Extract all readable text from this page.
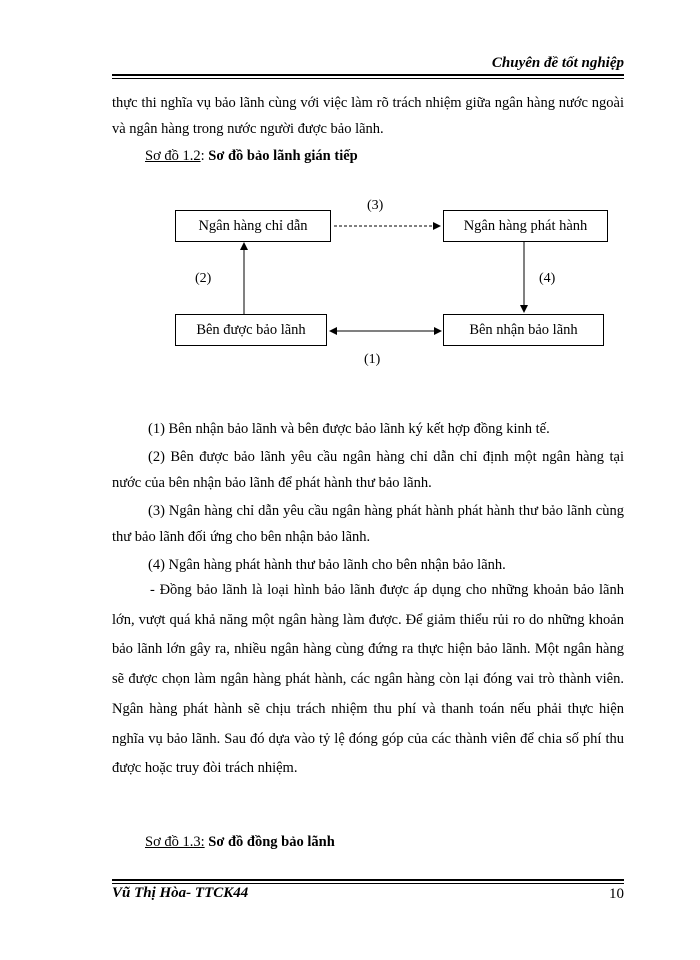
Chuyên đề tốt nghiệp
thực thi nghĩa vụ bảo lãnh cùng với việc làm rõ trách nhiệm giữa ngân hàng nước ngoài và ngân hàng trong nước người được bảo lãnh.
Sơ đồ 1.2: Sơ đồ bảo lãnh gián tiếp
Ngân hàng chỉ dẫn	Ngân hàng phát hành
Bên được bảo lãnh	Bên nhận bảo lãnh
(3)
(2)	(4)
(1)
(1) Bên nhận bảo lãnh và bên được bảo lãnh ký kết hợp đồng kinh tế.
(2) Bên được bảo lãnh yêu cầu ngân hàng chỉ dẫn chỉ định một ngân hàng tại nước của bên nhận bảo lãnh để phát hành thư bảo lãnh.
(3) Ngân hàng chỉ dẫn yêu cầu ngân hàng phát hành phát hành thư bảo lãnh cùng thư bảo lãnh đối ứng cho bên nhận bảo lãnh.
(4) Ngân hàng phát hành thư bảo lãnh cho bên nhận bảo lãnh.
- Đồng bảo lãnh là loại hình bảo lãnh được áp dụng cho những khoản bảo lãnh lớn, vượt quá khả năng một ngân hàng làm được. Để giảm thiểu rủi ro do những khoản bảo lãnh lớn gây ra, nhiều ngân hàng cùng đứng ra thực hiện bảo lãnh. Một ngân hàng sẽ được chọn làm ngân hàng phát hành, các ngân hàng còn lại đóng vai trò thành viên. Ngân hàng phát hành sẽ chịu trách nhiệm thu phí và thanh toán nếu phải thực hiện nghĩa vụ bảo lãnh. Sau đó dựa vào tỷ lệ đóng góp của các thành viên để chia số phí thu được hoặc truy đòi trách nhiệm.
Sơ đồ 1.3: Sơ đồ đồng bảo lãnh
Vũ Thị Hòa- TTCK44	10
